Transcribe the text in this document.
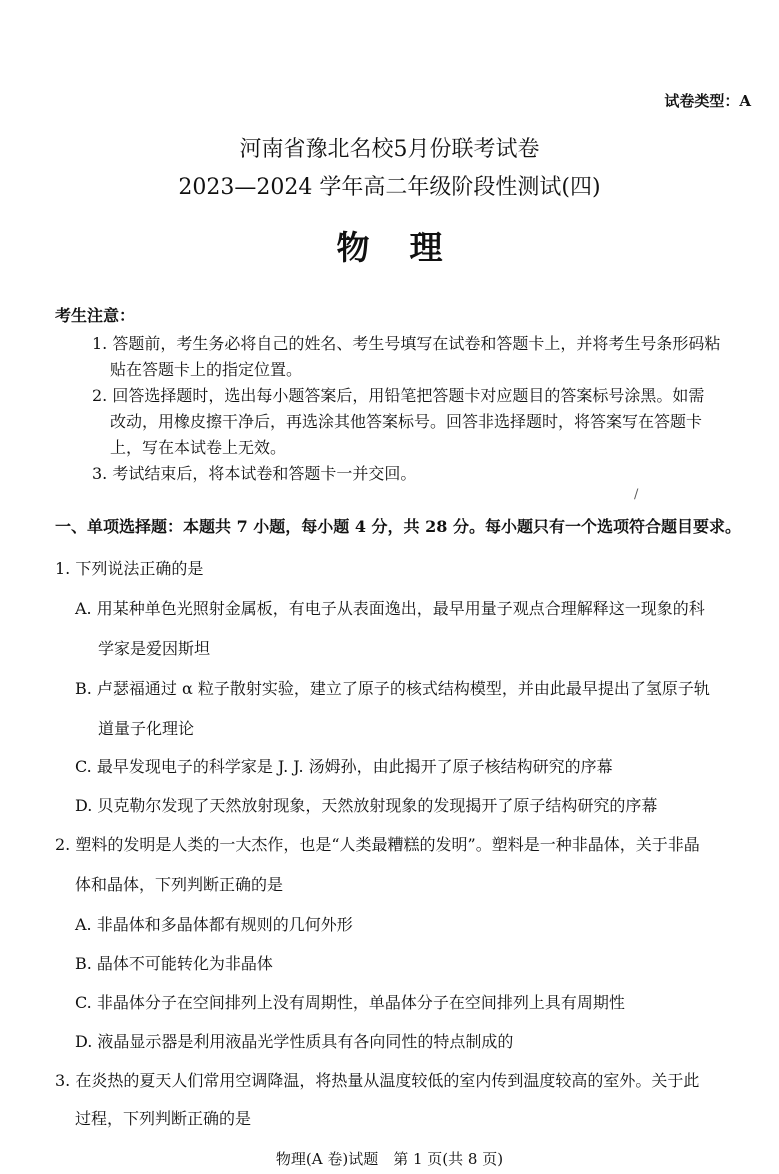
试卷类型：A
河南省豫北名校5月份联考试卷
2023—2024 学年高二年级阶段性测试(四)
物理
考生注意：
1. 答题前，考生务必将自己的姓名、考生号填写在试卷和答题卡上，并将考生号条形码粘
贴在答题卡上的指定位置。
2. 回答选择题时，选出每小题答案后，用铅笔把答题卡对应题目的答案标号涂黑。如需
改动，用橡皮擦干净后，再选涂其他答案标号。回答非选择题时，将答案写在答题卡
上，写在本试卷上无效。
3. 考试结束后，将本试卷和答题卡一并交回。
/
一、单项选择题：本题共 7 小题，每小题 4 分，共 28 分。每小题只有一个选项符合题目要求。
1. 下列说法正确的是
A. 用某种单色光照射金属板，有电子从表面逸出，最早用量子观点合理解释这一现象的科
学家是爱因斯坦
B. 卢瑟福通过 α 粒子散射实验，建立了原子的核式结构模型，并由此最早提出了氢原子轨
道量子化理论
C. 最早发现电子的科学家是 J. J. 汤姆孙，由此揭开了原子核结构研究的序幕
D. 贝克勒尔发现了天然放射现象，天然放射现象的发现揭开了原子结构研究的序幕
2. 塑料的发明是人类的一大杰作，也是“人类最糟糕的发明”。塑料是一种非晶体，关于非晶
体和晶体，下列判断正确的是
A. 非晶体和多晶体都有规则的几何外形
B. 晶体不可能转化为非晶体
C. 非晶体分子在空间排列上没有周期性，单晶体分子在空间排列上具有周期性
D. 液晶显示器是利用液晶光学性质具有各向同性的特点制成的
3. 在炎热的夏天人们常用空调降温，将热量从温度较低的室内传到温度较高的室外。关于此
过程，下列判断正确的是
物理(A 卷)试题　第 1 页(共 8 页)
